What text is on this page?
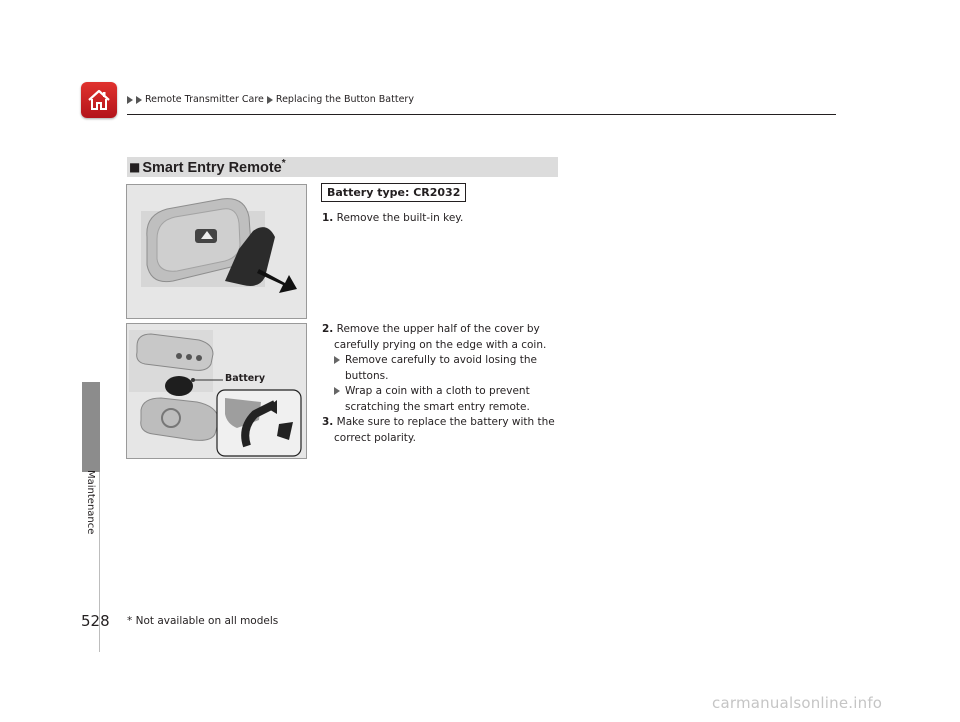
Remote Transmitter Care Replacing the Button Battery
Maintenance
■ Smart Entry Remote*
Battery
Battery type: CR2032
1. Remove the built-in key.
2. Remove the upper half of the cover by
carefully prying on the edge with a coin.
Remove carefully to avoid losing the
buttons.
Wrap a coin with a cloth to prevent
scratching the smart entry remote.
3. Make sure to replace the battery with the
correct polarity.
528 * Not available on all models
carmanualsonline.info
